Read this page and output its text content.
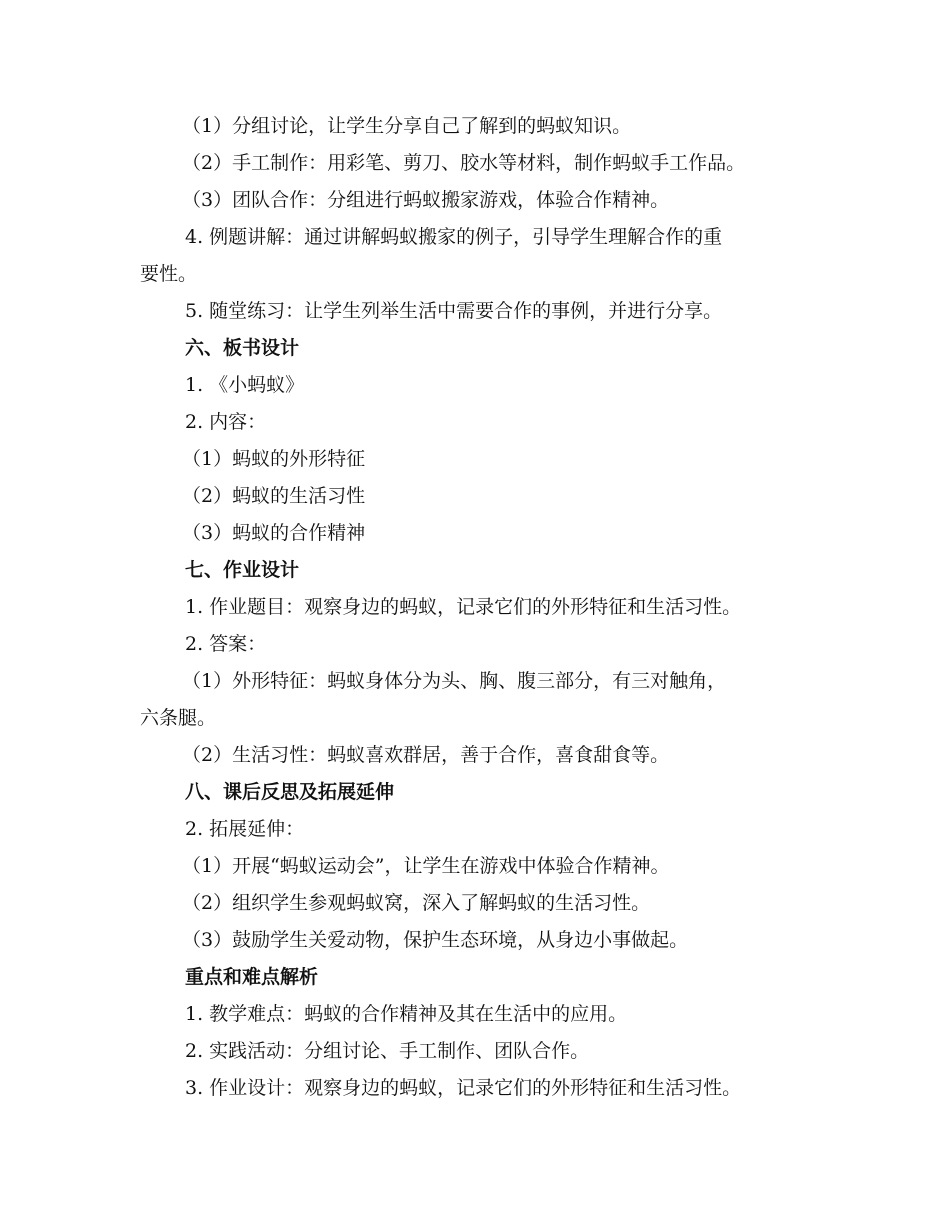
（1）分组讨论，让学生分享自己了解到的蚂蚁知识。
（2）手工制作：用彩笔、剪刀、胶水等材料，制作蚂蚁手工作品。
（3）团队合作：分组进行蚂蚁搬家游戏，体验合作精神。
4. 例题讲解：通过讲解蚂蚁搬家的例子，引导学生理解合作的重
要性。
5. 随堂练习：让学生列举生活中需要合作的事例，并进行分享。
六、板书设计
1. 《小蚂蚁》
2. 内容：
（1）蚂蚁的外形特征
（2）蚂蚁的生活习性
（3）蚂蚁的合作精神
七、作业设计
1. 作业题目：观察身边的蚂蚁，记录它们的外形特征和生活习性。
2. 答案：
（1）外形特征：蚂蚁身体分为头、胸、腹三部分，有三对触角，
六条腿。
（2）生活习性：蚂蚁喜欢群居，善于合作，喜食甜食等。
八、课后反思及拓展延伸
2. 拓展延伸：
（1）开展“蚂蚁运动会”，让学生在游戏中体验合作精神。
（2）组织学生参观蚂蚁窝，深入了解蚂蚁的生活习性。
（3）鼓励学生关爱动物，保护生态环境，从身边小事做起。
重点和难点解析
1. 教学难点：蚂蚁的合作精神及其在生活中的应用。
2. 实践活动：分组讨论、手工制作、团队合作。
3. 作业设计：观察身边的蚂蚁，记录它们的外形特征和生活习性。
